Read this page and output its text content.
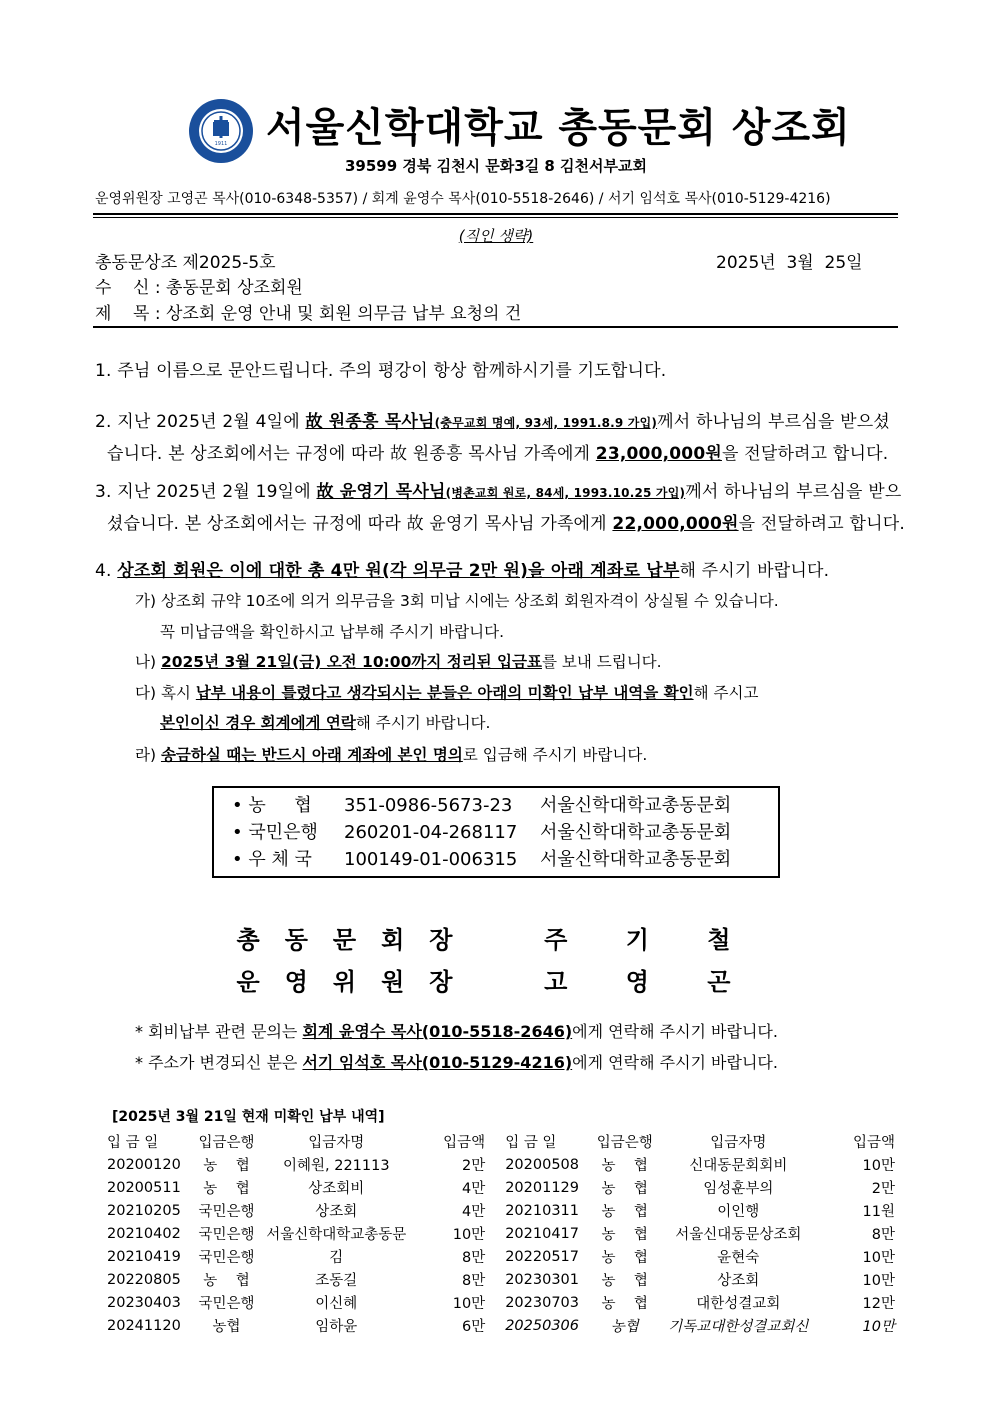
1911 서울신학대학교 총동문회 상조회
39599 경북 김천시 문화3길 8 김천서부교회
운영위원장 고영곤 목사(010-6348-5357) / 회계 윤영수 목사(010-5518-2646) / 서기 임석호 목사(010-5129-4216)
(직인 생략)
총동문상조 제2025-5호	2025년  3월  25일
수    신 : 총동문회 상조회원
제    목 : 상조회 운영 안내 및 회원 의무금 납부 요청의 건
1. 주님 이름으로 문안드립니다. 주의 평강이 항상 함께하시기를 기도합니다.
2. 지난 2025년 2월 4일에 故 원종흥 목사님(충무교회 명예, 93세, 1991.8.9 가입)께서 하나님의 부르심을 받으셨
습니다. 본 상조회에서는 규정에 따라 故 원종흥 목사님 가족에게 23,000,000원을 전달하려고 합니다.
3. 지난 2025년 2월 19일에 故 윤영기 목사님(병촌교회 원로, 84세, 1993.10.25 가입)께서 하나님의 부르심을 받으
셨습니다. 본 상조회에서는 규정에 따라 故 윤영기 목사님 가족에게 22,000,000원을 전달하려고 합니다.
4. 상조회 회원은 이에 대한 총 4만 원(각 의무금 2만 원)을 아래 계좌로 납부해 주시기 바랍니다.
가) 상조회 규약 10조에 의거 의무금을 3회 미납 시에는 상조회 회원자격이 상실될 수 있습니다.
꼭 미납금액을 확인하시고 납부해 주시기 바랍니다.
나) 2025년 3월 21일(금) 오전 10:00까지 정리된 입금표를 보내 드립니다.
다) 혹시 납부 내용이 틀렸다고 생각되시는 분들은 아래의 미확인 납부 내역을 확인해 주시고
본인이신 경우 회계에게 연락해 주시기 바랍니다.
라) 송금하실 때는 반드시 아래 계좌에 본인 명의로 입금해 주시기 바랍니다.
• 농     협 351-0986-5673-23 서울신학대학교총동문회
• 국민은행 260201-04-268117 서울신학대학교총동문회
• 우 체 국 100149-01-006315 서울신학대학교총동문회
총동문회장  주 기 철
운영위원장  고 영 곤
* 회비납부 관련 문의는 회계 윤영수 목사(010-5518-2646)에게 연락해 주시기 바랍니다.
* 주소가 변경되신 분은 서기 임석호 목사(010-5129-4216)에게 연락해 주시기 바랍니다.
[2025년 3월 21일 현재 미확인 납부 내역]
입 금 일	입금은행	입금자명	입금액	입 금 일	입금은행	입금자명	입금액
20200120	농    협	이혜원, 221113	2만	20200508	농    협	신대동문회회비	10만
20200511	농    협	상조회비	4만	20201129	농    협	임성훈부의	2만
20210205	국민은행	상조회	4만	20210311	농    협	이인행	11원
20210402	국민은행	서울신학대학교총동문	10만	20210417	농    협	서울신대동문상조회	8만
20210419	국민은행	김	8만	20220517	농    협	윤현숙	10만
20220805	농    협	조동길	8만	20230301	농    협	상조회	10만
20230403	국민은행	이신혜	10만	20230703	농    협	대한성결교회	12만
20241120	농협	임하윤	6만	20250306	농협	기독교대한성결교회신	10만
